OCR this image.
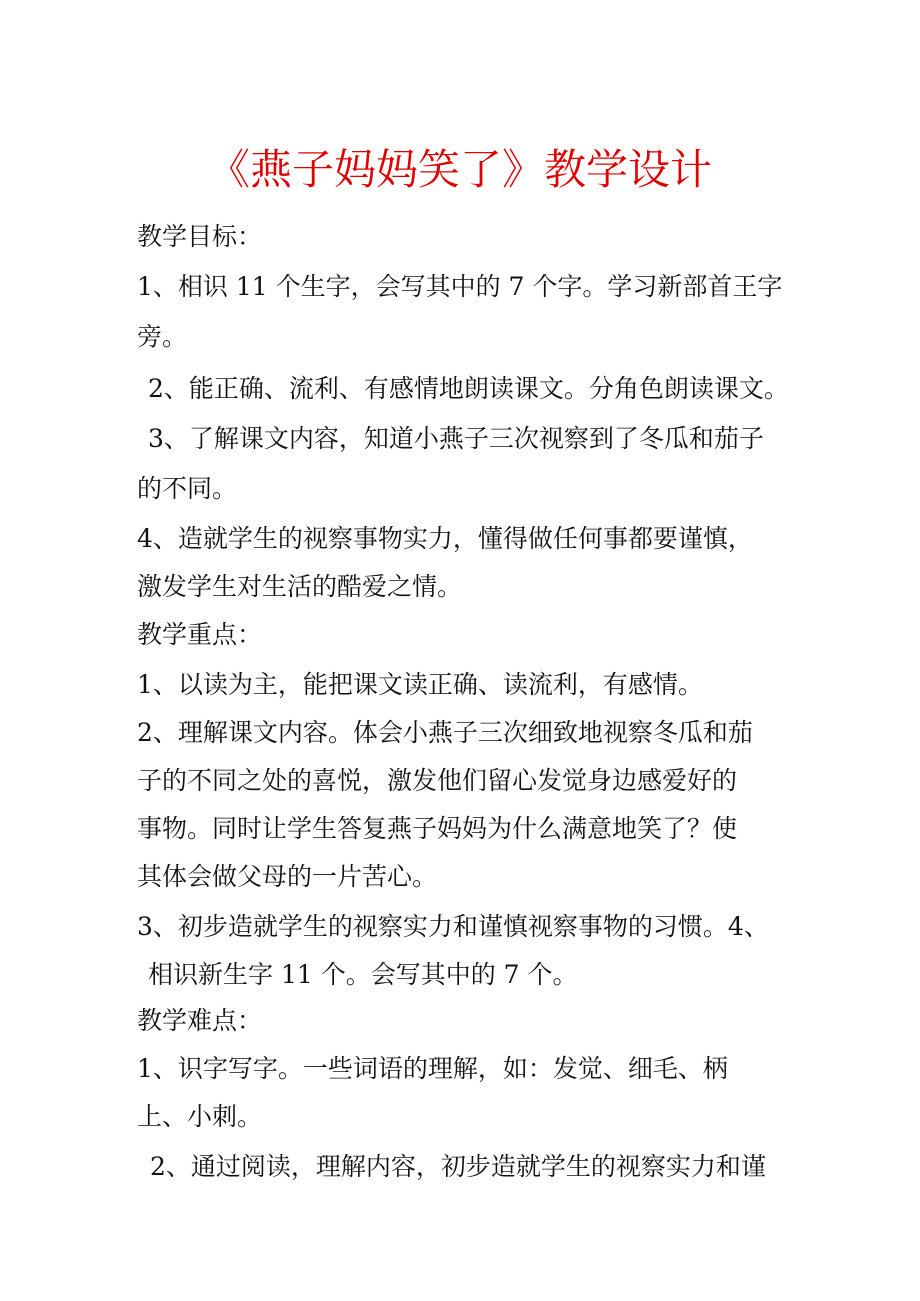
《燕子妈妈笑了》教学设计
教学目标：
1、相识 11 个生字，会写其中的 7 个字。学习新部首王字
旁。
2、能正确、流利、有感情地朗读课文。分角色朗读课文。
3、了解课文内容，知道小燕子三次视察到了冬瓜和茄子
的不同。
4、造就学生的视察事物实力，懂得做任何事都要谨慎，
激发学生对生活的酷爱之情。
教学重点：
1、以读为主，能把课文读正确、读流利，有感情。
2、理解课文内容。体会小燕子三次细致地视察冬瓜和茄
子的不同之处的喜悦，激发他们留心发觉身边感爱好的
事物。同时让学生答复燕子妈妈为什么满意地笑了？使
其体会做父母的一片苦心。
3、初步造就学生的视察实力和谨慎视察事物的习惯。4、
相识新生字 11 个。会写其中的 7 个。
教学难点：
1、识字写字。一些词语的理解，如：发觉、细毛、柄
上、小刺。
2、通过阅读，理解内容，初步造就学生的视察实力和谨
